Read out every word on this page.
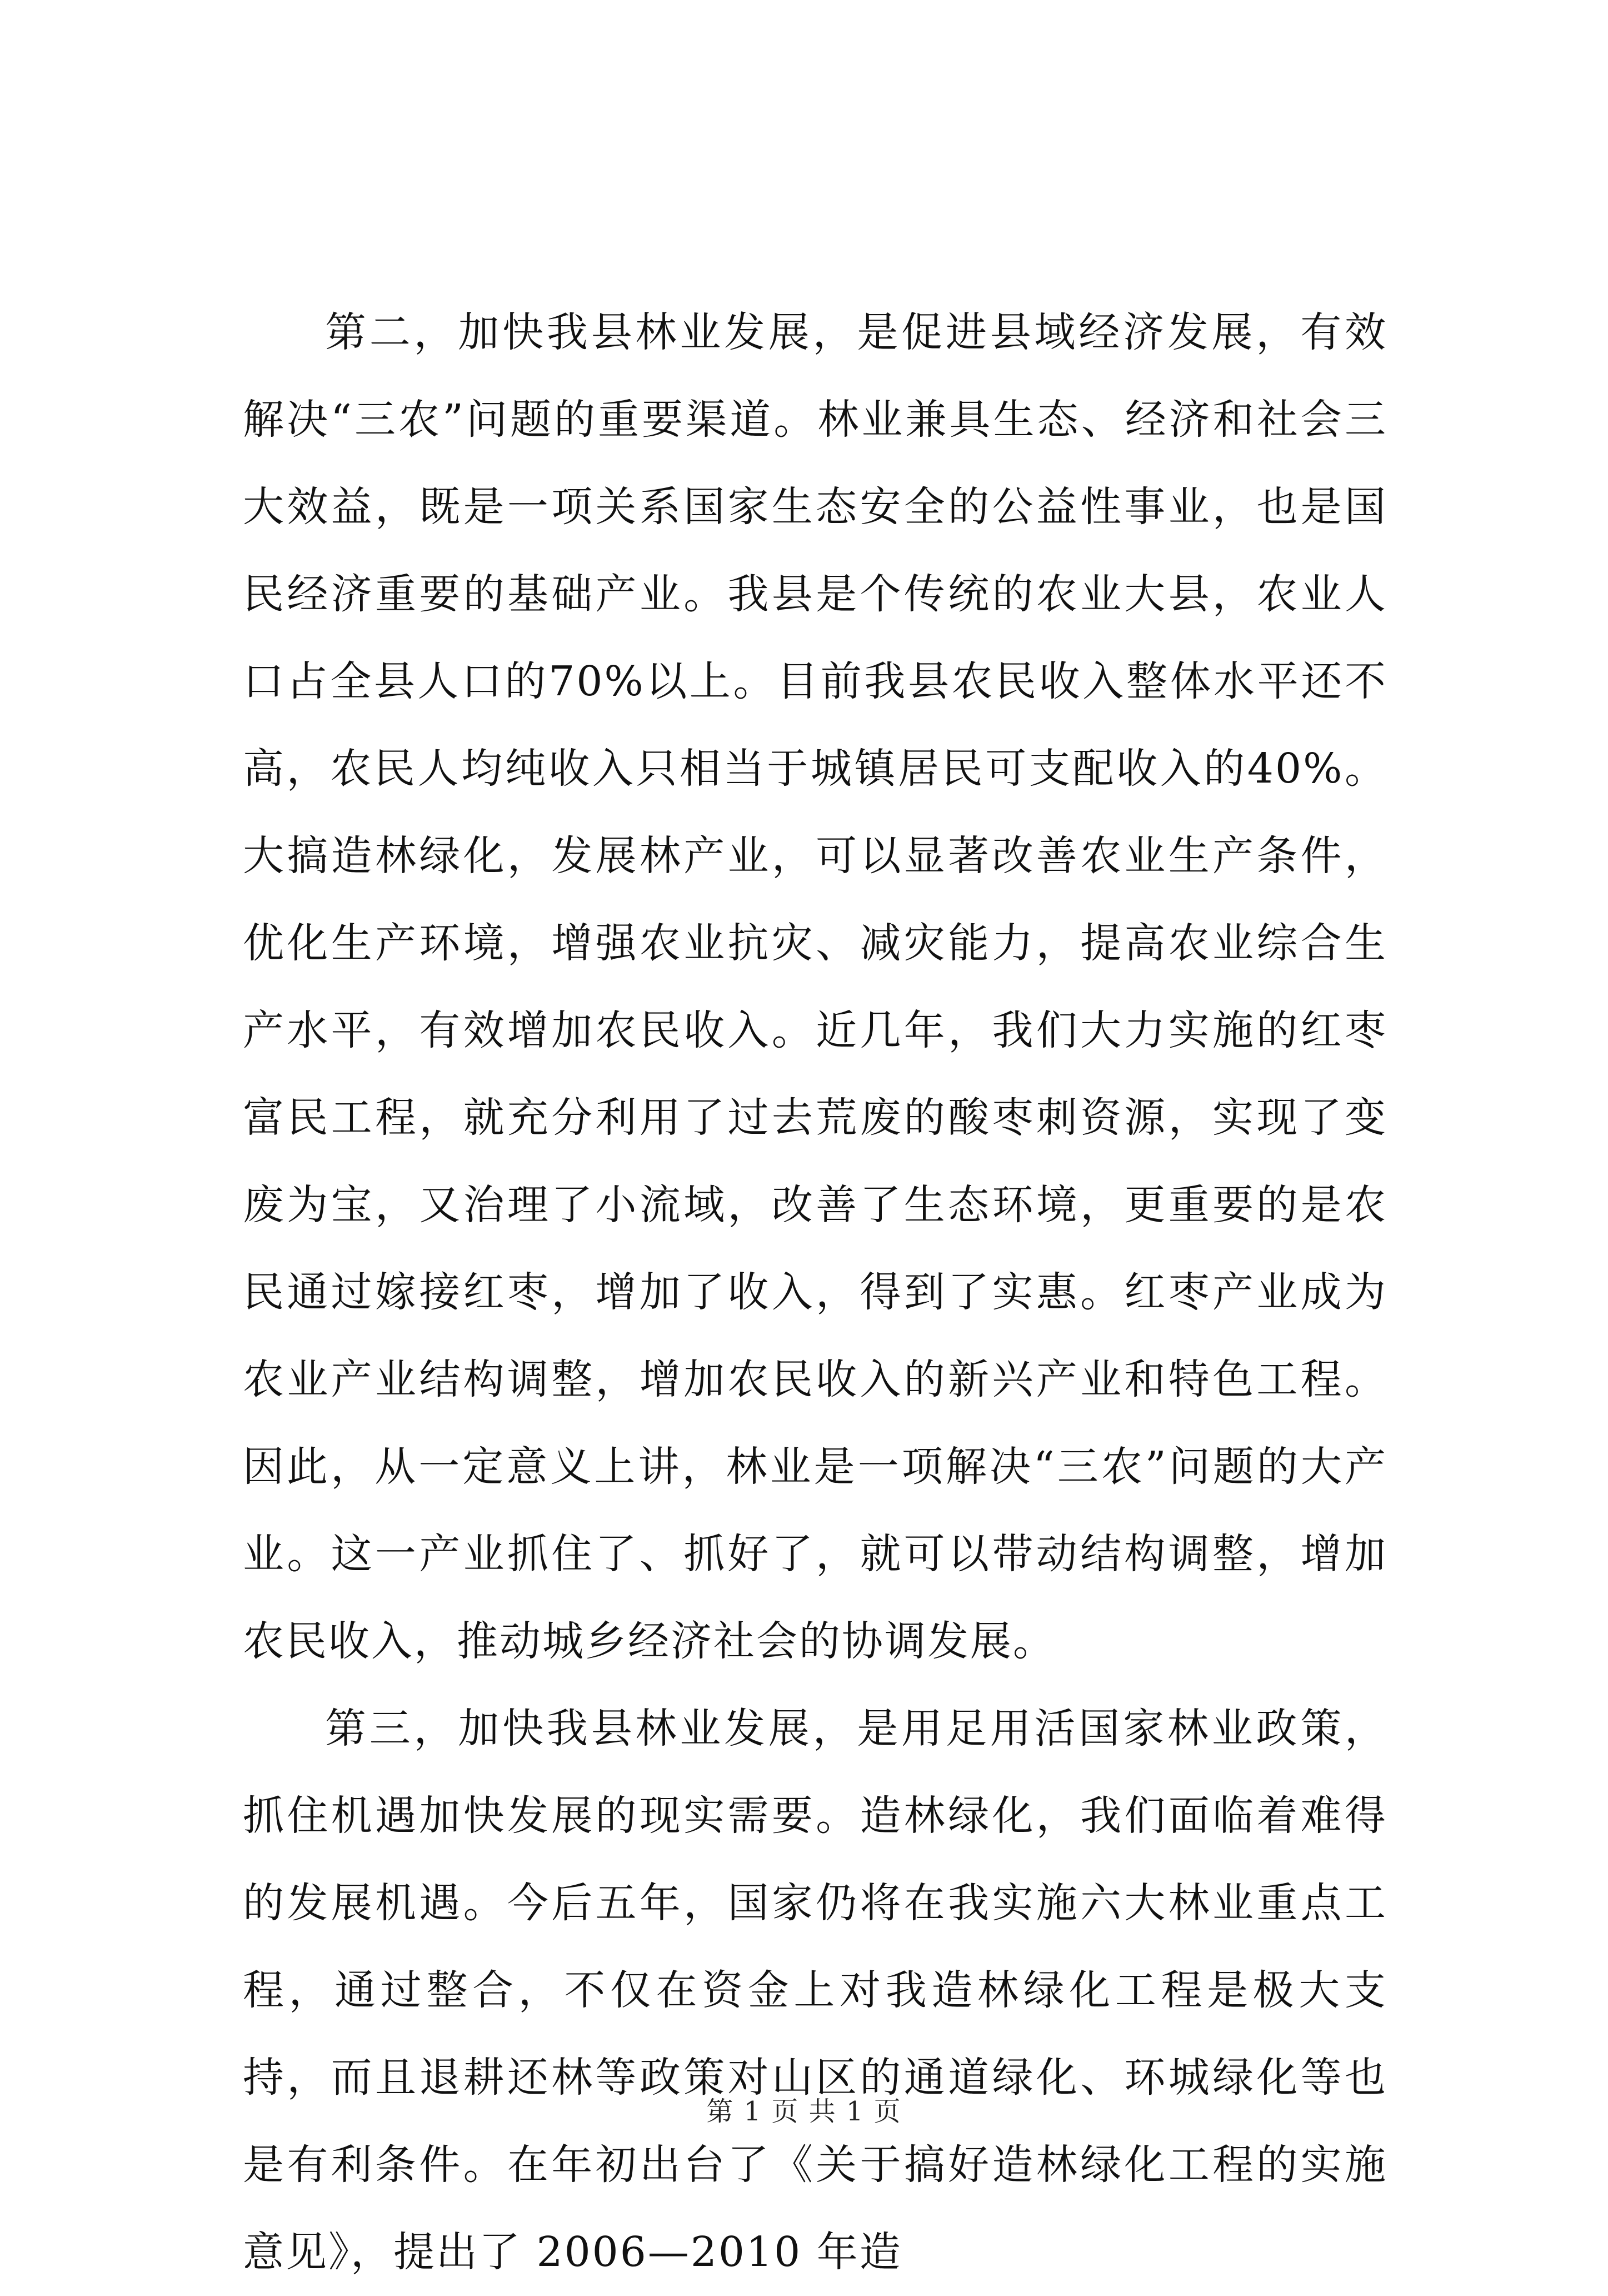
第二，加快我县林业发展，是促进县域经济发展，有效解决“三农”问题的重要渠道。林业兼具生态、经济和社会三大效益，既是一项关系国家生态安全的公益性事业，也是国民经济重要的基础产业。我县是个传统的农业大县，农业人口占全县人口的70%以上。目前我县农民收入整体水平还不高，农民人均纯收入只相当于城镇居民可支配收入的40%。大搞造林绿化，发展林产业，可以显著改善农业生产条件，优化生产环境，增强农业抗灾、减灾能力，提高农业综合生产水平，有效增加农民收入。近几年，我们大力实施的红枣富民工程，就充分利用了过去荒废的酸枣刺资源，实现了变废为宝，又治理了小流域，改善了生态环境，更重要的是农民通过嫁接红枣，增加了收入，得到了实惠。红枣产业成为农业产业结构调整，增加农民收入的新兴产业和特色工程。因此，从一定意义上讲，林业是一项解决“三农”问题的大产业。这一产业抓住了、抓好了，就可以带动结构调整，增加农民收入，推动城乡经济社会的协调发展。

第三，加快我县林业发展，是用足用活国家林业政策，抓住机遇加快发展的现实需要。造林绿化，我们面临着难得的发展机遇。今后五年，国家仍将在我实施六大林业重点工程，通过整合，不仅在资金上对我造林绿化工程是极大支持，而且退耕还林等政策对山区的通道绿化、环城绿化等也是有利条件。在年初出台了《关于搞好造林绿化工程的实施意见》，提出了 2006—2010 年造

第 1 页 共 1 页
